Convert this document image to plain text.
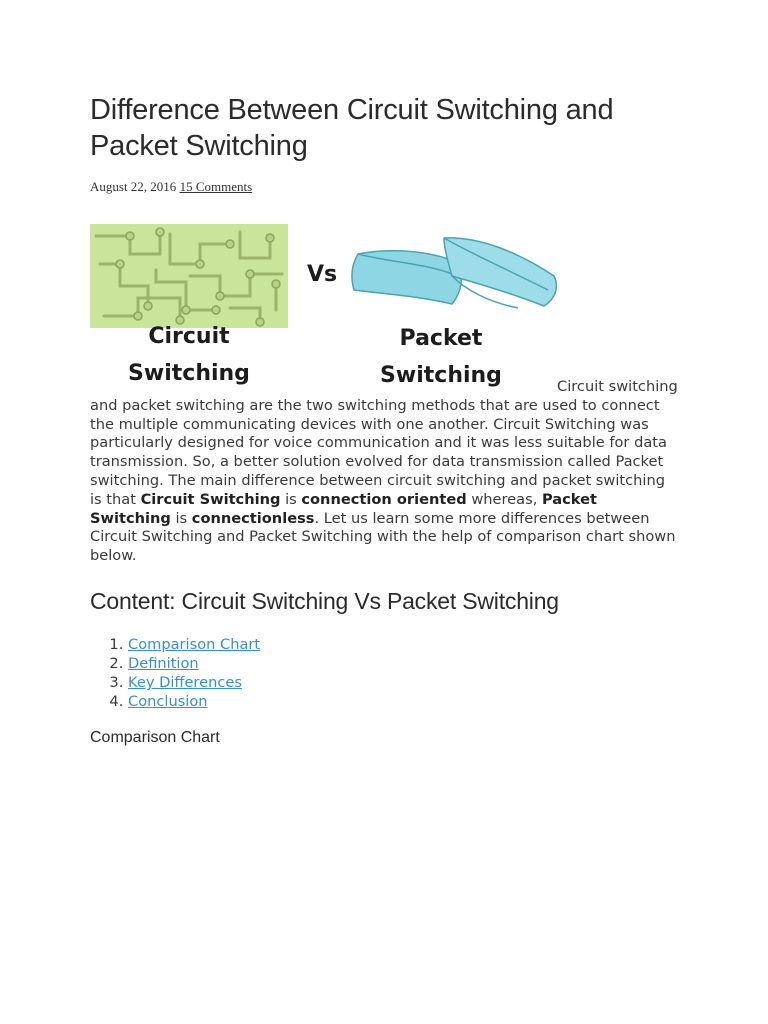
Difference Between Circuit Switching and Packet Switching
August 22, 2016 15 Comments
Circuit
Switching
Vs
Packet
Switching	Circuit switching and packet switching are the two switching methods that are used to connect the multiple communicating devices with one another. Circuit Switching was particularly designed for voice communication and it was less suitable for data transmission. So, a better solution evolved for data transmission called Packet switching. The main difference between circuit switching and packet switching is that Circuit Switching is connection oriented whereas, Packet Switching is connectionless. Let us learn some more differences between Circuit Switching and Packet Switching with the help of comparison chart shown below.

Content: Circuit Switching Vs Packet Switching
1. Comparison Chart
2. Definition
3. Key Differences
4. Conclusion
Comparison Chart
